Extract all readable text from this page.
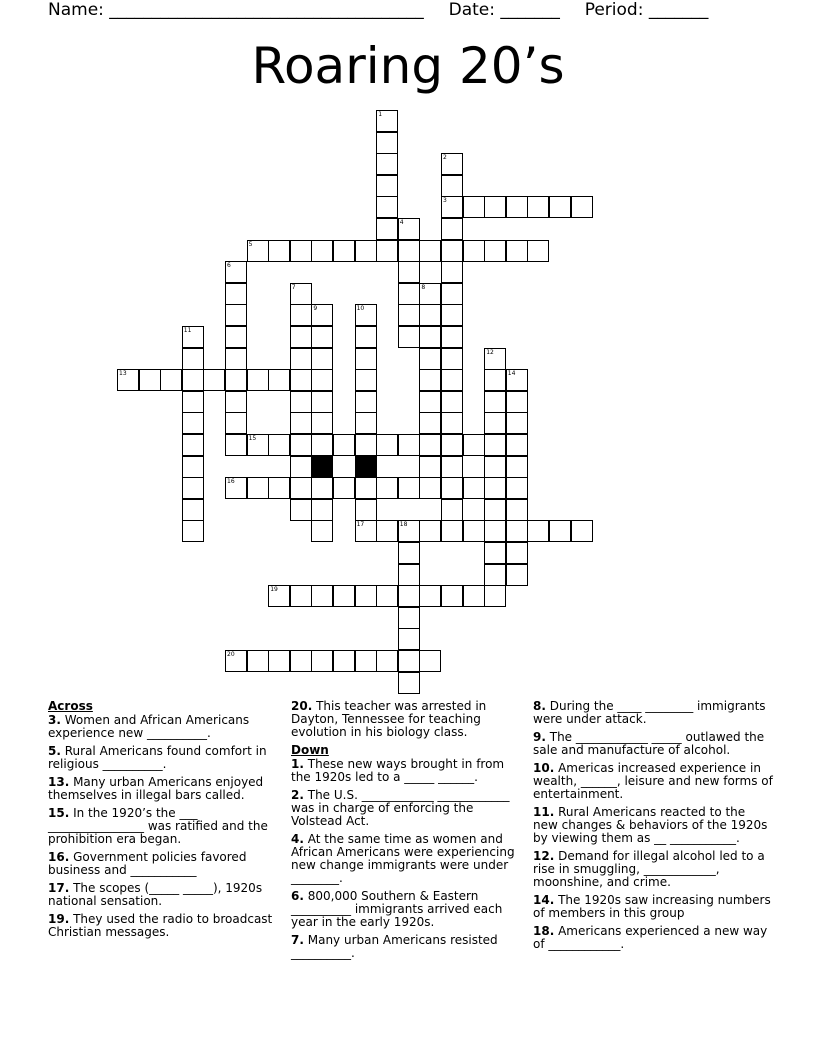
Name: _____________________________________ Date: _______ Period: _______
Roaring 20’s
1
2
3
4
5
6
7	8
9	10
17
11
12
13	14
15
16
18
19
20
Across
3. Women and African Americans experience new __________.
5. Rural Americans found comfort in religious __________.
13. Many urban Americans enjoyed themselves in illegal bars called.
15. In the 1920’s the ___ ________________ was ratified and the prohibition era began.
16. Government policies favored business and ___________
17. The scopes (_____ _____), 1920s national sensation.
19. They used the radio to broadcast Christian messages.
20. This teacher was arrested in Dayton, Tennessee for teaching evolution in his biology class.
Down
1. These new ways brought in from the 1920s led to a _____ ______.
2. The U.S. ____________ ____________ was in charge of enforcing the Volstead Act.
4. At the same time as women and African Americans were experiencing new change immigrants were under ________.
6. 800,000 Southern & Eastern __________ immigrants arrived each year in the early 1920s.
7. Many urban Americans resisted __________.
8. During the ____ ________ immigrants were under attack.
9. The ____________ _____ outlawed the sale and manufacture of alcohol.
10. Americas increased experience in wealth, ______, leisure and new forms of entertainment.
11. Rural Americans reacted to the new changes & behaviors of the 1920s by viewing them as __ ___________.
12. Demand for illegal alcohol led to a rise in smuggling, ____________, moonshine, and crime.
14. The 1920s saw increasing numbers of members in this group
18. Americans experienced a new way of ____________.
